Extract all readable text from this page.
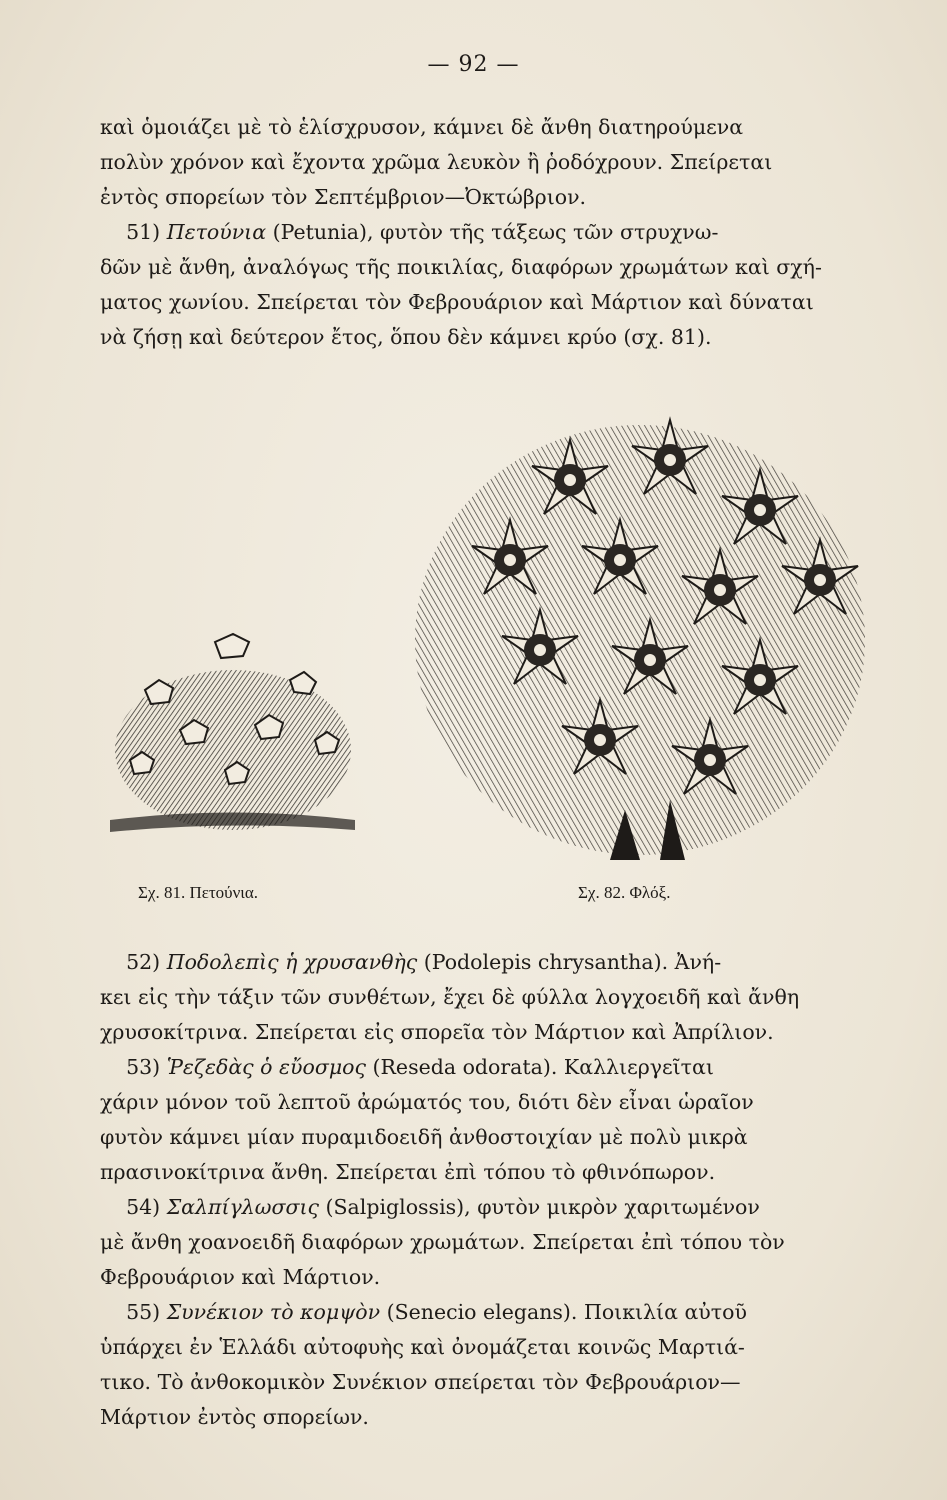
— 92 —
καὶ ὁμοιάζει μὲ τὸ ἑλίσχρυσον, κάμνει δὲ ἄνθη διατηρούμενα
πολὺν χρόνον καὶ ἔχοντα χρῶμα λευκὸν ἢ ῥοδόχρουν. Σπείρεται
ἐντὸς σπορείων τὸν Σεπτέμβριον—Ὀκτώβριον.
51) Πετούνια (Petunia), φυτὸν τῆς τάξεως τῶν στρυχνω-
δῶν μὲ ἄνθη, ἀναλόγως τῆς ποικιλίας, διαφόρων χρωμάτων καὶ σχή-
ματος χωνίου. Σπείρεται τὸν Φεβρουάριον καὶ Μάρτιον καὶ δύναται
νὰ ζήσῃ καὶ δεύτερον ἔτος, ὅπου δὲν κάμνει κρύο (σχ. 81).
Σχ. 81. Πετούνια.	Σχ. 82. Φλόξ.
52) Ποδολεπὶς ἡ χρυσανθὴς (Podolepis chrysantha). Ἀνή-
κει εἰς τὴν τάξιν τῶν συνθέτων, ἔχει δὲ φύλλα λογχοειδῆ καὶ ἄνθη
χρυσοκίτρινα. Σπείρεται εἰς σπορεῖα τὸν Μάρτιον καὶ Ἀπρίλιον.
53) Ῥεζεδὰς ὁ εὔοσμος (Reseda odorata). Καλλιεργεῖται
χάριν μόνον τοῦ λεπτοῦ ἀρώματός του, διότι δὲν εἶναι ὡραῖον
φυτὸν κάμνει μίαν πυραμιδοειδῆ ἀνθοστοιχίαν μὲ πολὺ μικρὰ
πρασινοκίτρινα ἄνθη. Σπείρεται ἐπὶ τόπου τὸ φθινόπωρον.
54) Σαλπίγλωσσις (Salpiglossis), φυτὸν μικρὸν χαριτωμένον
μὲ ἄνθη χοανοειδῆ διαφόρων χρωμάτων. Σπείρεται ἐπὶ τόπου τὸν
Φεβρουάριον καὶ Μάρτιον.
55) Συνέκιον τὸ κομψὸν (Senecio elegans). Ποικιλία αὐτοῦ
ὑπάρχει ἐν Ἑλλάδι αὐτοφυὴς καὶ ὀνομάζεται κοινῶς Μαρτιά-
τικο. Τὸ ἀνθοκομικὸν Συνέκιον σπείρεται τὸν Φεβρουάριον—
Μάρτιον ἐντὸς σπορείων.
